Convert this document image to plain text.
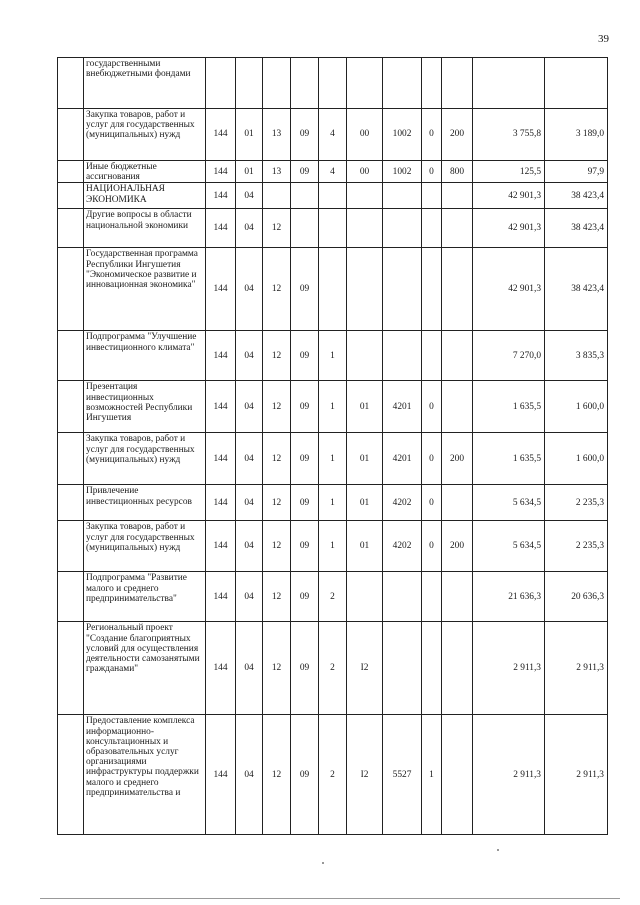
39
	государственными внебюджетными фондами											
	Закупка товаров, работ и услуг для государственных (муниципальных) нужд	144	01	13	09	4	00	1002	0	200	3 755,8	3 189,0
	Иные бюджетные ассигнования	144	01	13	09	4	00	1002	0	800	125,5	97,9
	НАЦИОНАЛЬНАЯ ЭКОНОМИКА	144	04								42 901,3	38 423,4
	Другие вопросы в области национальной экономики	144	04	12							42 901,3	38 423,4
	Государственная программа Республики Ингушетия "Экономическое развитие и инновационная экономика"	144	04	12	09						42 901,3	38 423,4
	Подпрограмма "Улучшение инвестиционного климата"	144	04	12	09	1					7 270,0	3 835,3
	Презентация инвестиционных возможностей Республики Ингушетия	144	04	12	09	1	01	4201	0		1 635,5	1 600,0
	Закупка товаров, работ и услуг для государственных (муниципальных) нужд	144	04	12	09	1	01	4201	0	200	1 635,5	1 600,0
	Привлечение инвестиционных ресурсов	144	04	12	09	1	01	4202	0		5 634,5	2 235,3
	Закупка товаров, работ и услуг для государственных (муниципальных) нужд	144	04	12	09	1	01	4202	0	200	5 634,5	2 235,3
	Подпрограмма "Развитие малого и среднего предпринимательства"	144	04	12	09	2					21 636,3	20 636,3
	Региональный проект "Создание благоприятных условий для осуществления деятельности самозанятыми гражданами"	144	04	12	09	2	I2				2 911,3	2 911,3
	Предоставление комплекса информационно-консультационных и образовательных услуг организациями инфраструктуры поддержки малого и среднего предпринимательства и	144	04	12	09	2	I2	5527	1		2 911,3	2 911,3
